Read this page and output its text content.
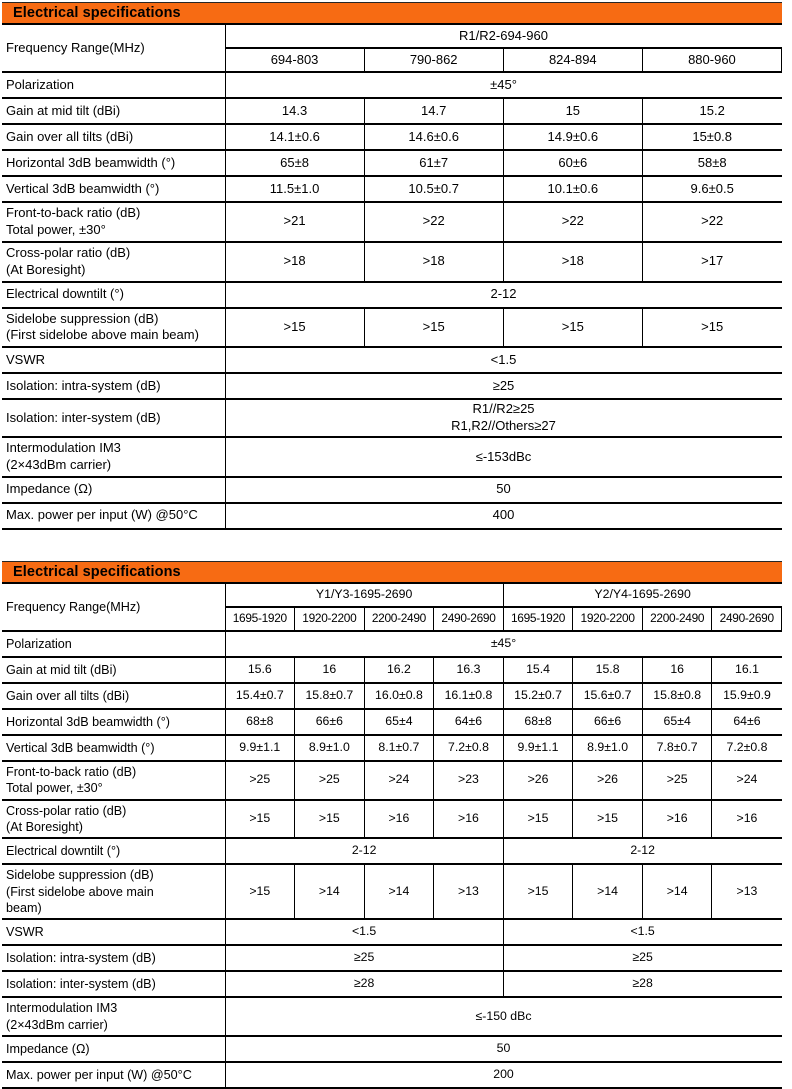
Electrical specifications
Frequency Range(MHz)	R1/R2-694-960			
	694-803	790-862	824-894	880-960

Polarization	±45°			

Gain at mid tilt (dBi)	14.3	14.7	15	15.2

Gain over all tilts (dBi)	14.1±0.6	14.6±0.6	14.9±0.6	15±0.8

Horizontal 3dB beamwidth (°)	65±8	61±7	60±6	58±8

Vertical 3dB beamwidth (°)	11.5±1.0	10.5±0.7	10.1±0.6	9.6±0.5

Front-to-back ratio (dB)
Total power, ±30°	>21	>22	>22	>22

Cross-polar ratio (dB)
(At Boresight)	>18	>18	>18	>17

Electrical downtilt (°)	2-12			

Sidelobe suppression (dB)
(First sidelobe above main beam)	>15	>15	>15	>15

VSWR	<1.5			

Isolation: intra-system (dB)	≥25			

Isolation: inter-system (dB)	R1//R2≥25
R1,R2//Others≥27			

Intermodulation IM3
(2×43dBm carrier)	≤-153dBc			

Impedance (Ω)	50			

Max. power per input (W) @50°C	400			
Electrical specifications
Frequency Range(MHz)	Y1/Y3-1695-2690				Y2/Y4-1695-2690			
	1695-1920	1920-2200	2200-2490	2490-2690	1695-1920	1920-2200	2200-2490	2490-2690

Polarization	±45°							

Gain at mid tilt (dBi)	15.6	16	16.2	16.3	15.4	15.8	16	16.1

Gain over all tilts (dBi)	15.4±0.7	15.8±0.7	16.0±0.8	16.1±0.8	15.2±0.7	15.6±0.7	15.8±0.8	15.9±0.9

Horizontal 3dB beamwidth (°)	68±8	66±6	65±4	64±6	68±8	66±6	65±4	64±6

Vertical 3dB beamwidth (°)	9.9±1.1	8.9±1.0	8.1±0.7	7.2±0.8	9.9±1.1	8.9±1.0	7.8±0.7	7.2±0.8

Front-to-back ratio (dB)
Total power, ±30°	>25	>25	>24	>23	>26	>26	>25	>24

Cross-polar ratio (dB)
(At Boresight)	>15	>15	>16	>16	>15	>15	>16	>16

Electrical downtilt (°)	2-12				2-12			

Sidelobe suppression (dB)
(First sidelobe above main
beam)	>15	>14	>14	>13	>15	>14	>14	>13

VSWR	<1.5				<1.5			

Isolation: intra-system (dB)	≥25				≥25			

Isolation: inter-system (dB)	≥28				≥28			

Intermodulation IM3
(2×43dBm carrier)	≤-150 dBc							

Impedance (Ω)	50							

Max. power per input (W) @50°C	200							
